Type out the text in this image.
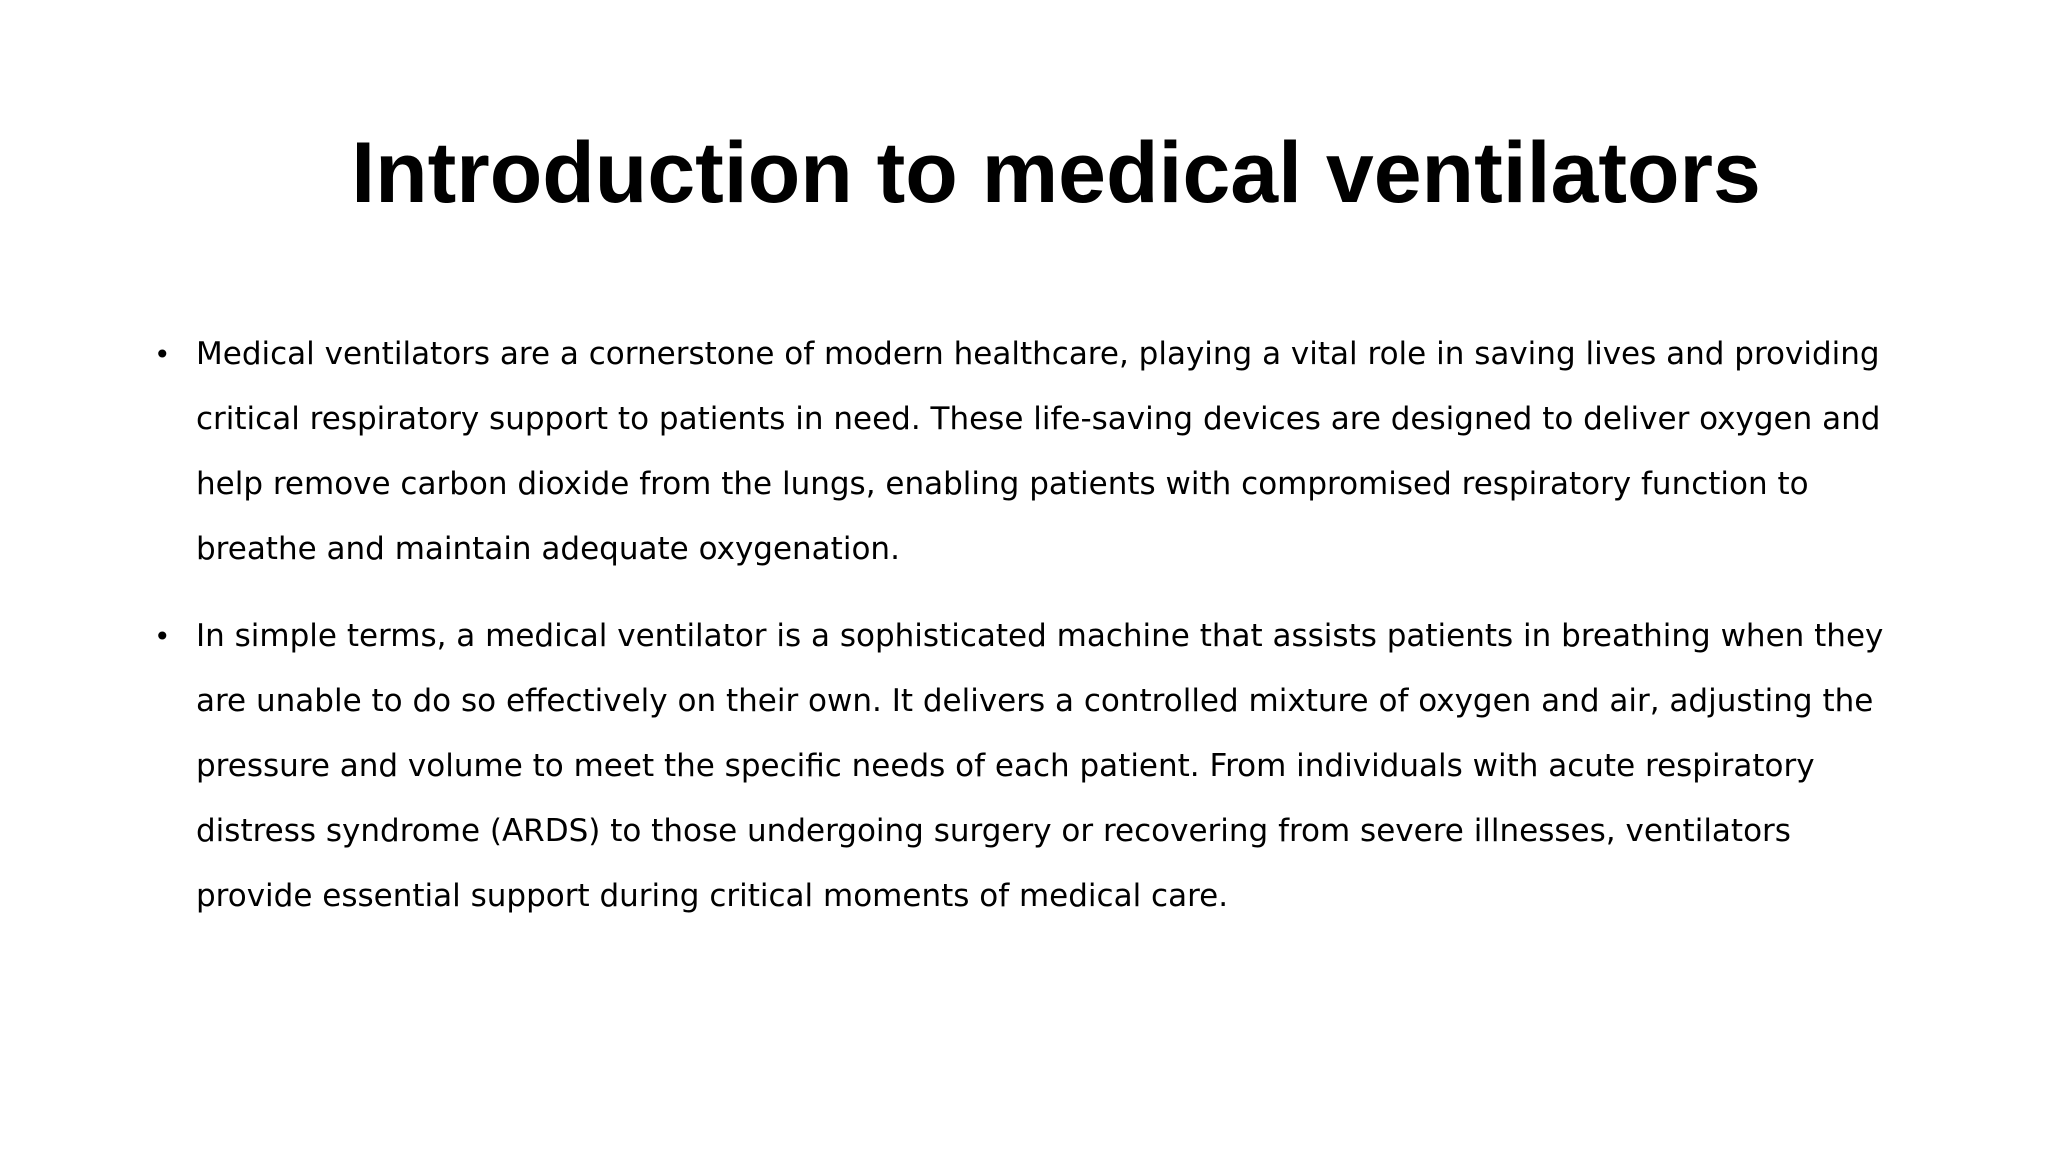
Introduction to medical ventilators
• Medical ventilators are a cornerstone of modern healthcare, playing a vital role in saving lives and providing critical respiratory support to patients in need. These life-saving devices are designed to deliver oxygen and help remove carbon dioxide from the lungs, enabling patients with compromised respiratory function to breathe and maintain adequate oxygenation.
• In simple terms, a medical ventilator is a sophisticated machine that assists patients in breathing when they are unable to do so effectively on their own. It delivers a controlled mixture of oxygen and air, adjusting the pressure and volume to meet the specific needs of each patient. From individuals with acute respiratory distress syndrome (ARDS) to those undergoing surgery or recovering from severe illnesses, ventilators provide essential support during critical moments of medical care.
